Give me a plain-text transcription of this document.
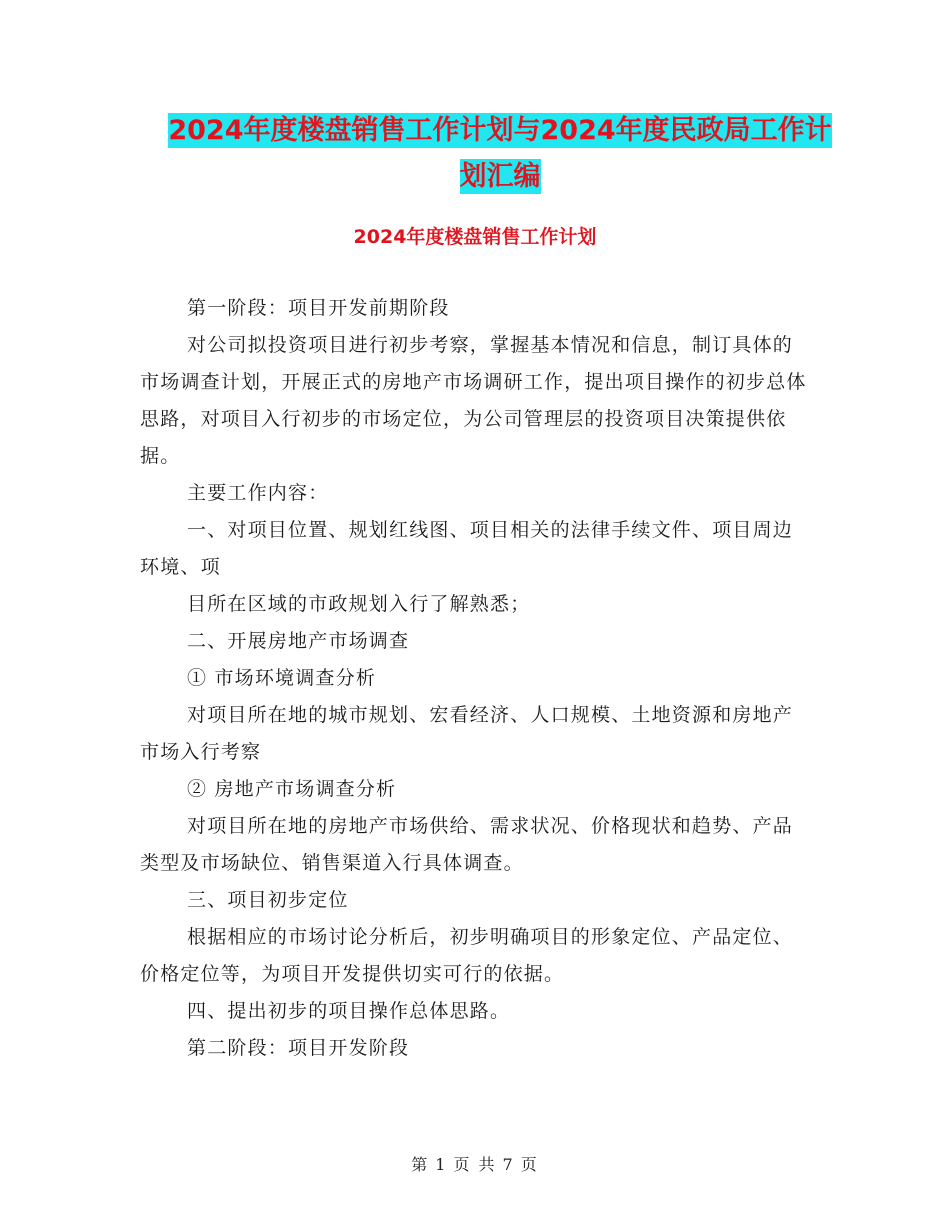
2024年度楼盘销售工作计划与2024年度民政局工作计
划汇编
2024年度楼盘销售工作计划

第一阶段：项目开发前期阶段

对公司拟投资项目进行初步考察，掌握基本情况和信息，制订具体的市场调查计划，开展正式的房地产市场调研工作，提出项目操作的初步总体思路，对项目入行初步的市场定位，为公司管理层的投资项目决策提供依据。

主要工作内容：

一、对项目位置、规划红线图、项目相关的法律手续文件、项目周边环境、项

目所在区域的市政规划入行了解熟悉；

二、开展房地产市场调查

① 市场环境调查分析

对项目所在地的城市规划、宏看经济、人口规模、土地资源和房地产市场入行考察

② 房地产市场调查分析

对项目所在地的房地产市场供给、需求状况、价格现状和趋势、产品类型及市场缺位、销售渠道入行具体调查。

三、项目初步定位

根据相应的市场讨论分析后，初步明确项目的形象定位、产品定位、价格定位等，为项目开发提供切实可行的依据。

四、提出初步的项目操作总体思路。

第二阶段：项目开发阶段

第 1 页 共 7 页
